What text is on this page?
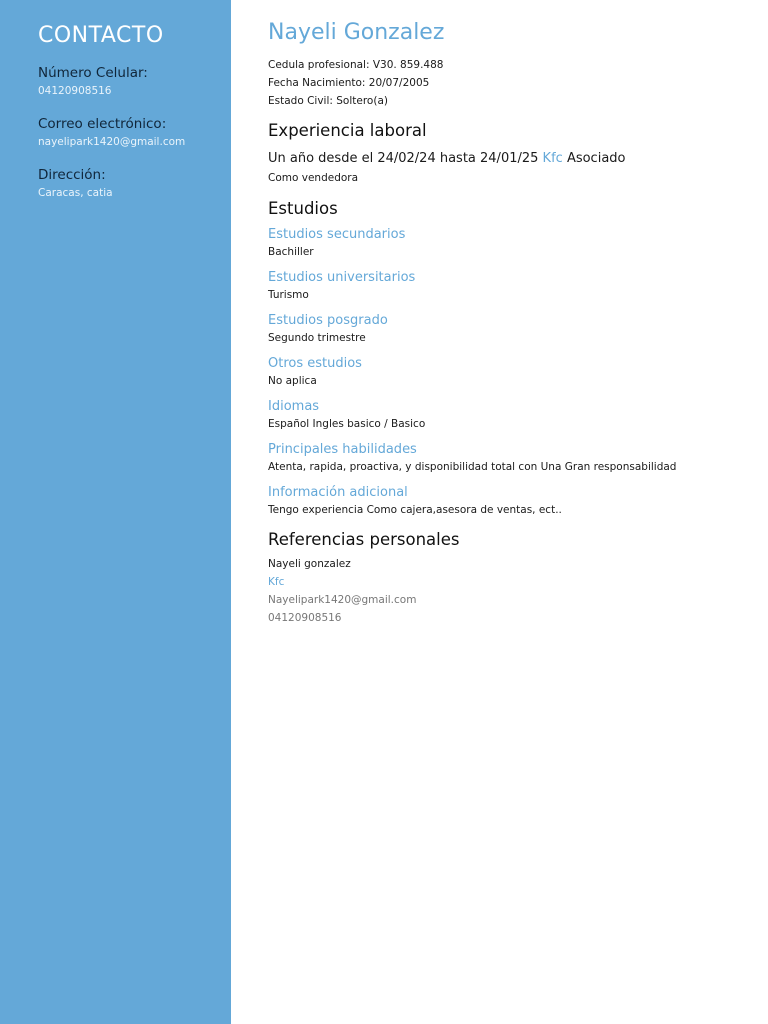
CONTACTO

Número Celular:

04120908516

Correo electrónico:

nayelipark1420@gmail.com

Dirección:

Caracas, catia

Nayeli Gonzalez

Cedula profesional: V30. 859.488

Fecha Nacimiento: 20/07/2005

Estado Civil: Soltero(a)

Experiencia laboral

Un año desde el 24/02/24 hasta 24/01/25 Kfc Asociado

Como vendedora

Estudios

Estudios secundarios

Bachiller

Estudios universitarios

Turismo

Estudios posgrado

Segundo trimestre

Otros estudios

No aplica

Idiomas

Español Ingles basico / Basico

Principales habilidades

Atenta, rapida, proactiva, y disponibilidad total con Una Gran responsabilidad

Información adicional

Tengo experiencia Como cajera,asesora de ventas, ect..

Referencias personales

Nayeli gonzalez

Kfc

Nayelipark1420@gmail.com

04120908516
